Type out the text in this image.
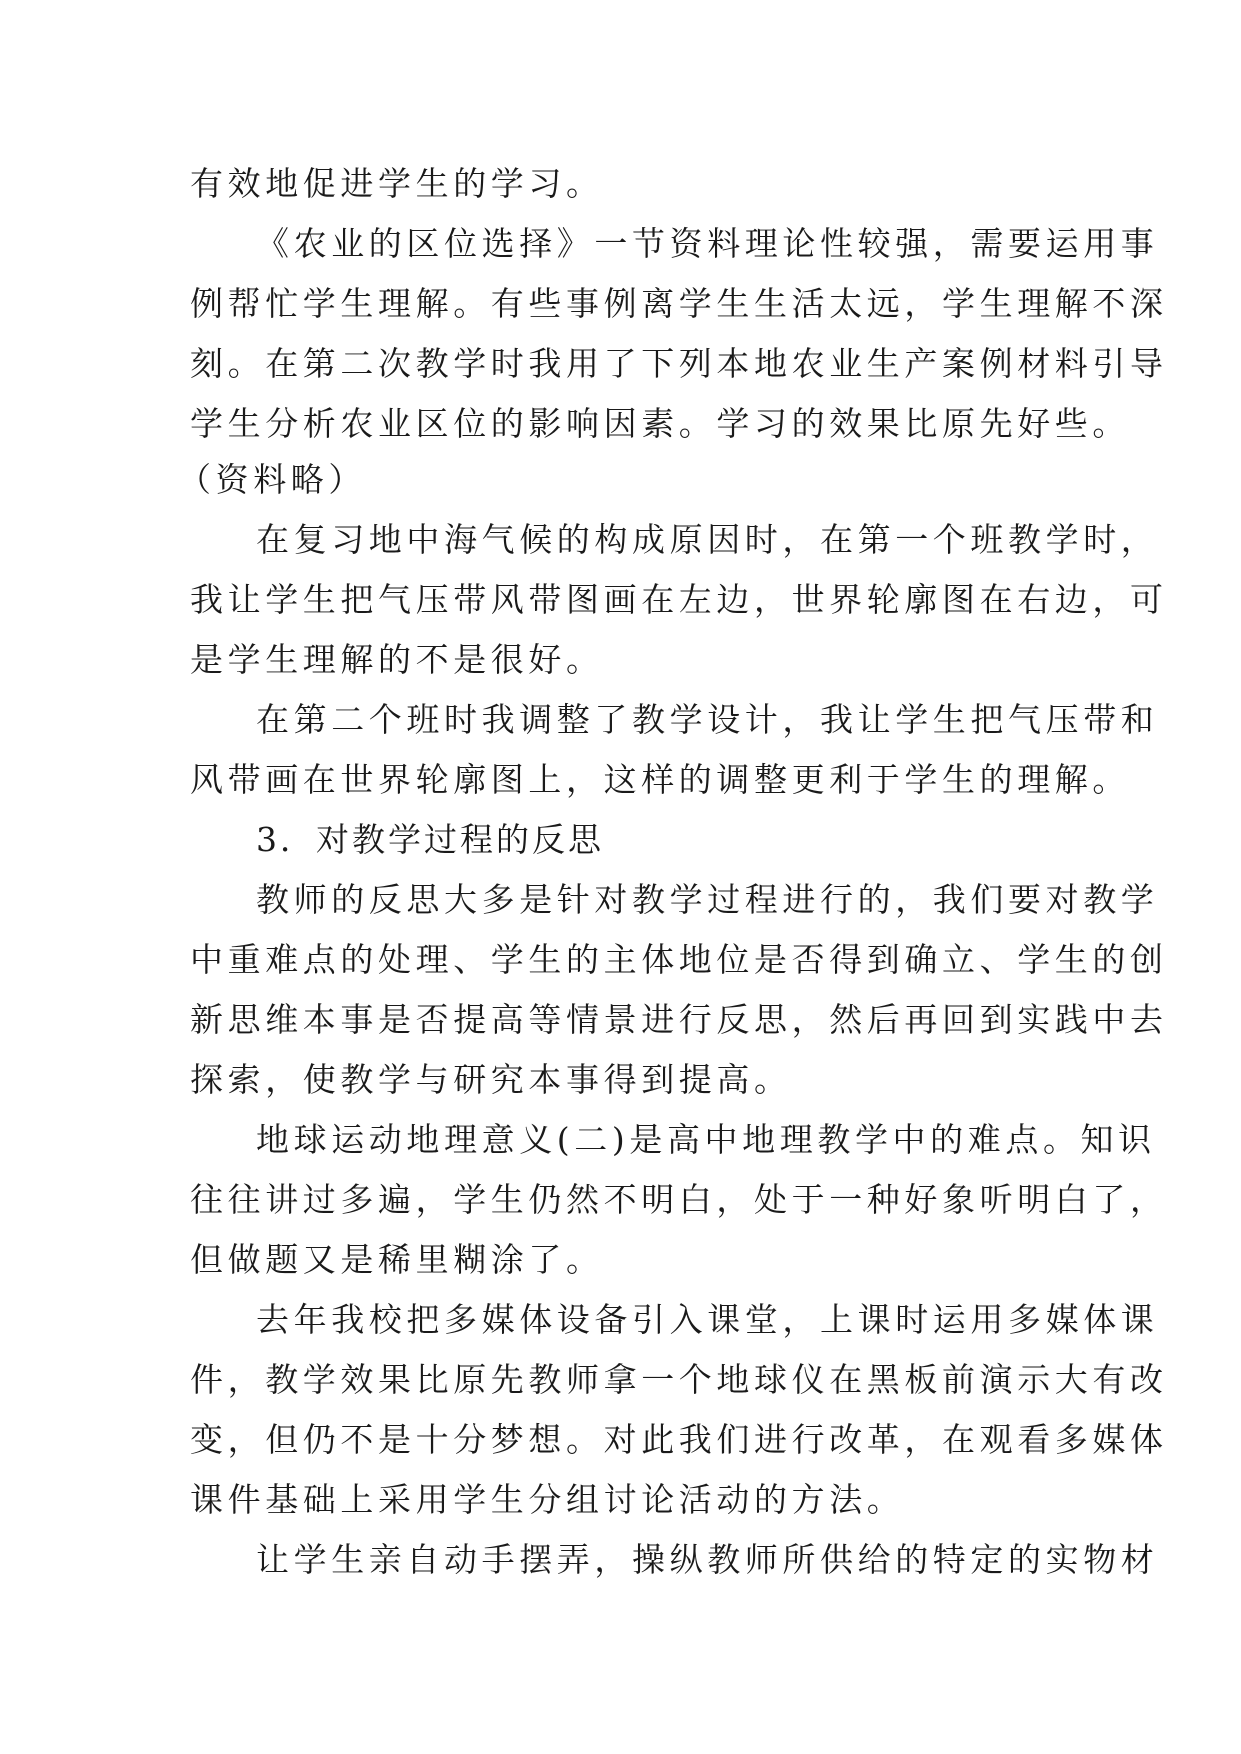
有效地促进学生的学习。
《农业的区位选择》一节资料理论性较强，需要运用事
例帮忙学生理解。有些事例离学生生活太远，学生理解不深
刻。在第二次教学时我用了下列本地农业生产案例材料引导
学生分析农业区位的影响因素。学习的效果比原先好些。
（资料略）
在复习地中海气候的构成原因时，在第一个班教学时，
我让学生把气压带风带图画在左边，世界轮廓图在右边，可
是学生理解的不是很好。
在第二个班时我调整了教学设计，我让学生把气压带和
风带画在世界轮廓图上，这样的调整更利于学生的理解。
3．对教学过程的反思
教师的反思大多是针对教学过程进行的，我们要对教学
中重难点的处理、学生的主体地位是否得到确立、学生的创
新思维本事是否提高等情景进行反思，然后再回到实践中去
探索，使教学与研究本事得到提高。
地球运动地理意义(二)是高中地理教学中的难点。知识
往往讲过多遍，学生仍然不明白，处于一种好象听明白了，
但做题又是稀里糊涂了。
去年我校把多媒体设备引入课堂，上课时运用多媒体课
件，教学效果比原先教师拿一个地球仪在黑板前演示大有改
变，但仍不是十分梦想。对此我们进行改革，在观看多媒体
课件基础上采用学生分组讨论活动的方法。
让学生亲自动手摆弄，操纵教师所供给的特定的实物材
